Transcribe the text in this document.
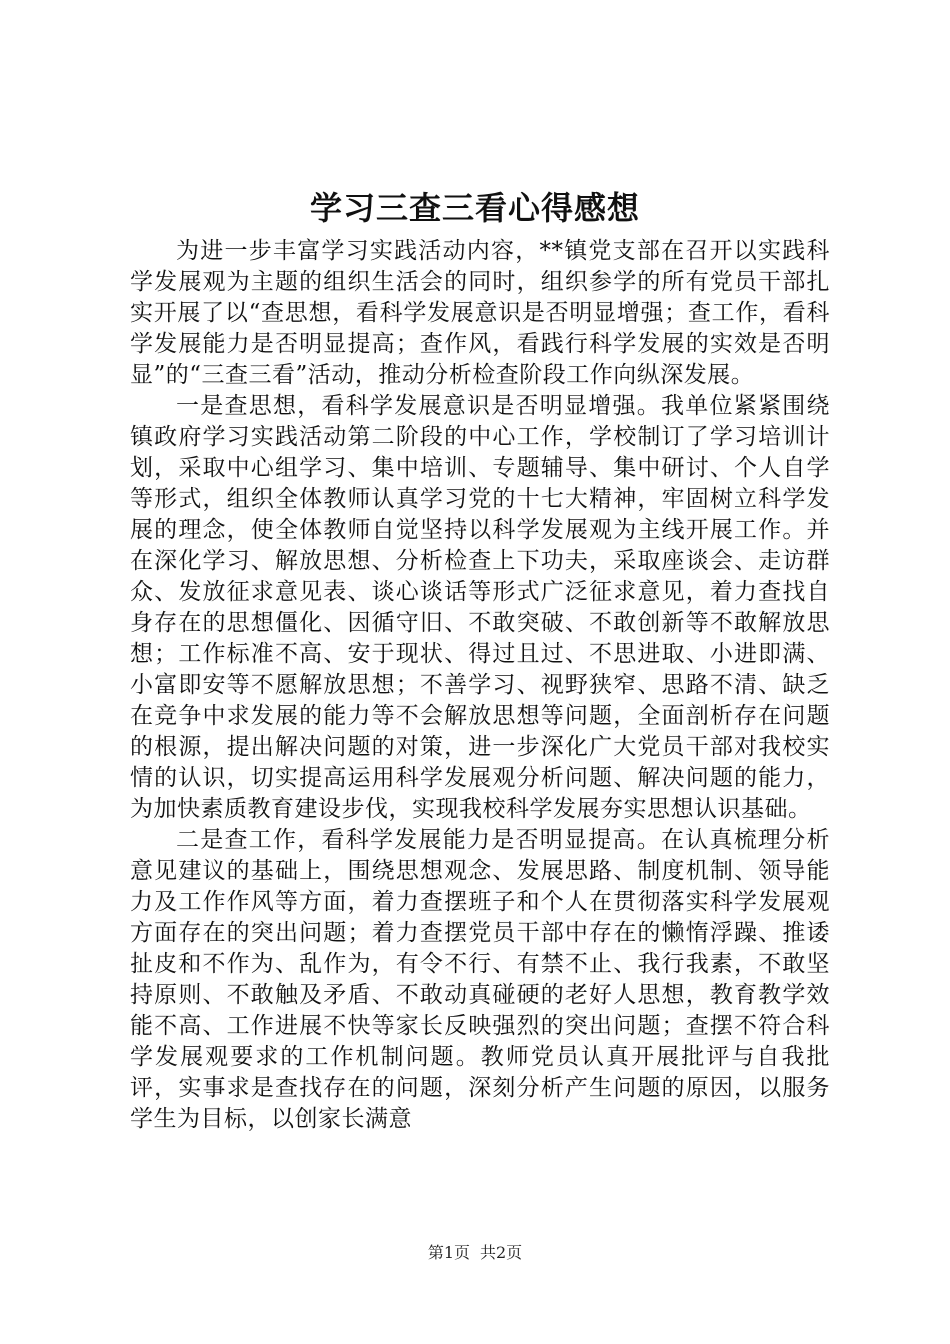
学习三查三看心得感想

为进一步丰富学习实践活动内容，**镇党支部在召开以实践科学发展观为主题的组织生活会的同时，组织参学的所有党员干部扎实开展了以“查思想，看科学发展意识是否明显增强；查工作，看科学发展能力是否明显提高；查作风，看践行科学发展的实效是否明显”的“三查三看”活动，推动分析检查阶段工作向纵深发展。

一是查思想，看科学发展意识是否明显增强。我单位紧紧围绕镇政府学习实践活动第二阶段的中心工作，学校制订了学习培训计划，采取中心组学习、集中培训、专题辅导、集中研讨、个人自学等形式，组织全体教师认真学习党的十七大精神，牢固树立科学发展的理念，使全体教师自觉坚持以科学发展观为主线开展工作。并在深化学习、解放思想、分析检查上下功夫，采取座谈会、走访群众、发放征求意见表、谈心谈话等形式广泛征求意见，着力查找自身存在的思想僵化、因循守旧、不敢突破、不敢创新等不敢解放思想；工作标准不高、安于现状、得过且过、不思进取、小进即满、小富即安等不愿解放思想；不善学习、视野狭窄、思路不清、缺乏在竞争中求发展的能力等不会解放思想等问题，全面剖析存在问题的根源，提出解决问题的对策，进一步深化广大党员干部对我校实情的认识，切实提高运用科学发展观分析问题、解决问题的能力，为加快素质教育建设步伐，实现我校科学发展夯实思想认识基础。

二是查工作，看科学发展能力是否明显提高。在认真梳理分析意见建议的基础上，围绕思想观念、发展思路、制度机制、领导能力及工作作风等方面，着力查摆班子和个人在贯彻落实科学发展观方面存在的突出问题；着力查摆党员干部中存在的懒惰浮躁、推诿扯皮和不作为、乱作为，有令不行、有禁不止、我行我素，不敢坚持原则、不敢触及矛盾、不敢动真碰硬的老好人思想，教育教学效能不高、工作进展不快等家长反映强烈的突出问题；查摆不符合科学发展观要求的工作机制问题。教师党员认真开展批评与自我批评，实事求是查找存在的问题，深刻分析产生问题的原因，以服务学生为目标，以创家长满意

第1页 共2页
